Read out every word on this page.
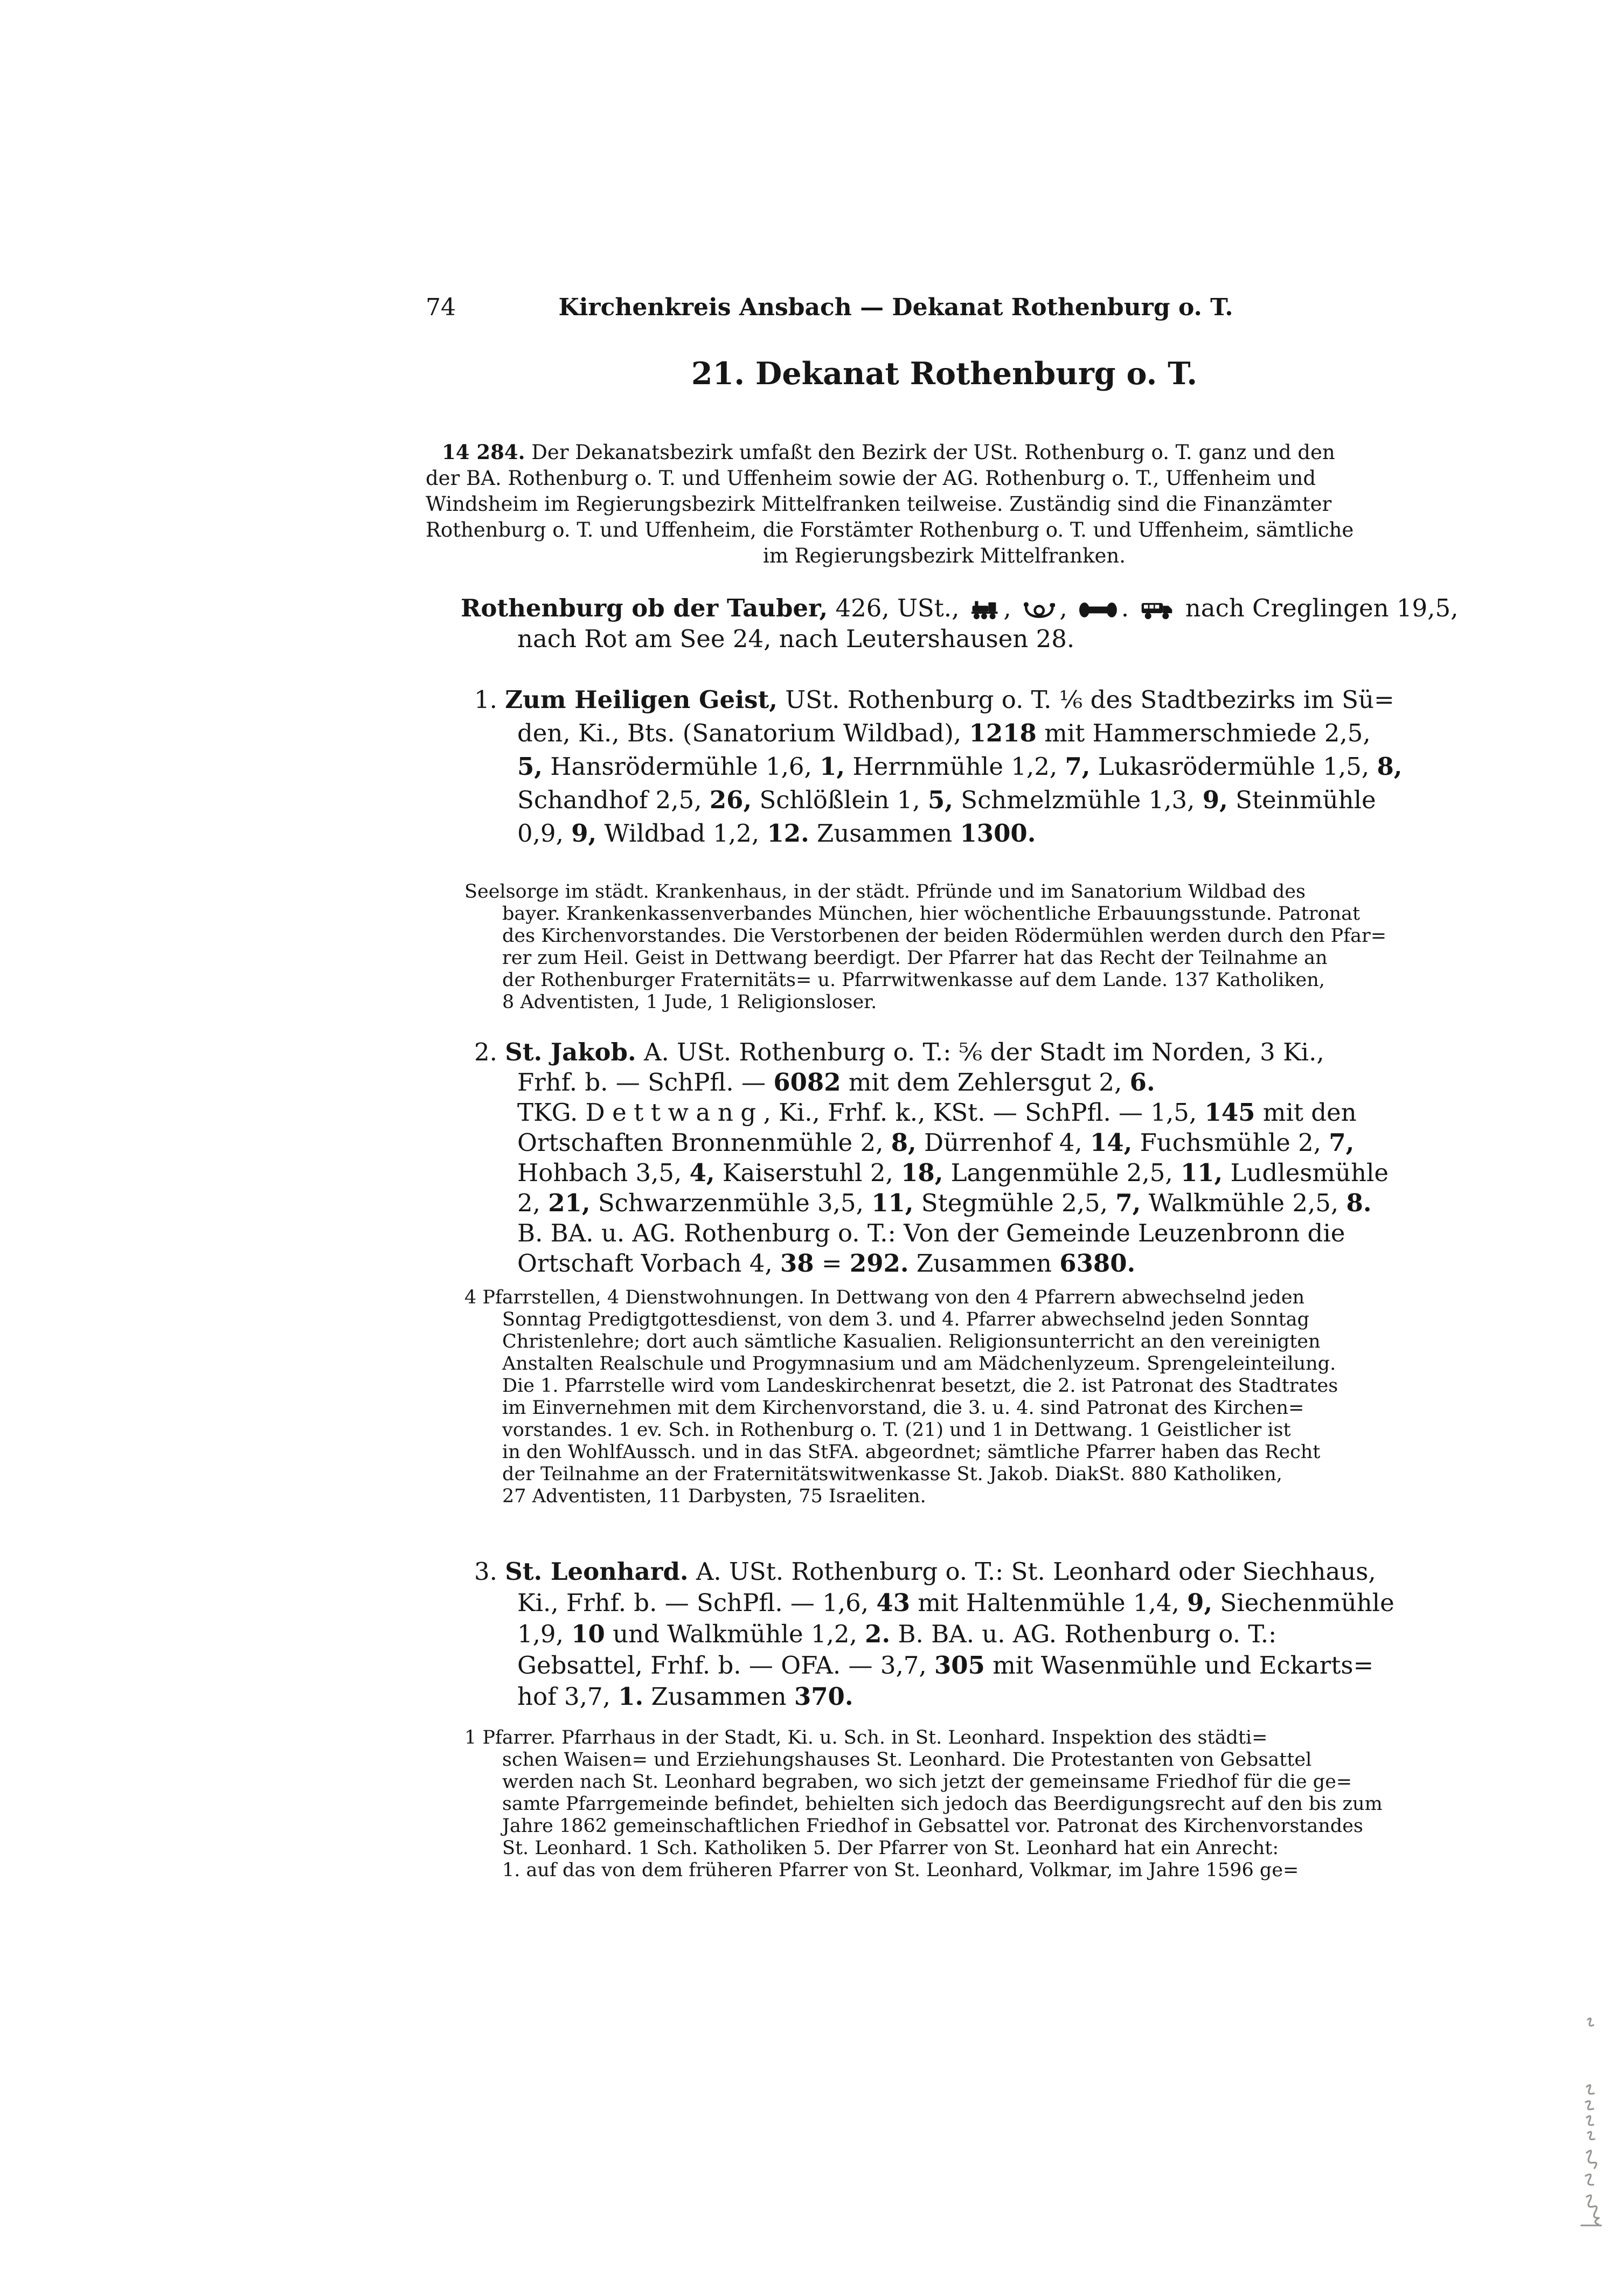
74	Kirchenkreis Ansbach — Dekanat Rothenburg o. T.
21. Dekanat Rothenburg o. T.
14 284. Der Dekanatsbezirk umfaßt den Bezirk der USt. Rothenburg o. T. ganz und den
der BA. Rothenburg o. T. und Uffenheim sowie der AG. Rothenburg o. T., Uffenheim und
Windsheim im Regierungsbezirk Mittelfranken teilweise. Zuständig sind die Finanzämter
Rothenburg o. T. und Uffenheim, die Forstämter Rothenburg o. T. und Uffenheim, sämtliche
im Regierungsbezirk Mittelfranken.
Rothenburg ob der Tauber, 426, USt.,
,
,
.
nach Creglingen 19,5,
nach Rot am See 24, nach Leutershausen 28.
1. Zum Heiligen Geist, USt. Rothenburg o. T. ⅙ des Stadtbezirks im Sü=
den, Ki., Bts. (Sanatorium Wildbad), 1218 mit Hammerschmiede 2,5,
5, Hansrödermühle 1,6, 1, Herrnmühle 1,2, 7, Lukasrödermühle 1,5, 8,
Schandhof 2,5, 26, Schlößlein 1, 5, Schmelzmühle 1,3, 9, Steinmühle
0,9, 9, Wildbad 1,2, 12. Zusammen 1300.
Seelsorge im städt. Krankenhaus, in der städt. Pfründe und im Sanatorium Wildbad des
bayer. Krankenkassenverbandes München, hier wöchentliche Erbauungsstunde. Patronat
des Kirchenvorstandes. Die Verstorbenen der beiden Rödermühlen werden durch den Pfar=
rer zum Heil. Geist in Dettwang beerdigt. Der Pfarrer hat das Recht der Teilnahme an
der Rothenburger Fraternitäts= u. Pfarrwitwenkasse auf dem Lande. 137 Katholiken,
8 Adventisten, 1 Jude, 1 Religionsloser.
2. St. Jakob. A. USt. Rothenburg o. T.: ⅚ der Stadt im Norden, 3 Ki.,
Frhf. b. — SchPfl. — 6082 mit dem Zehlersgut 2, 6.
TKG. Dettwang, Ki., Frhf. k., KSt. — SchPfl. — 1,5, 145 mit den
Ortschaften Bronnenmühle 2, 8, Dürrenhof 4, 14, Fuchsmühle 2, 7,
Hohbach 3,5, 4, Kaiserstuhl 2, 18, Langenmühle 2,5, 11, Ludlesmühle
2, 21, Schwarzenmühle 3,5, 11, Stegmühle 2,5, 7, Walkmühle 2,5, 8.
B. BA. u. AG. Rothenburg o. T.: Von der Gemeinde Leuzenbronn die
Ortschaft Vorbach 4, 38 = 292. Zusammen 6380.
4 Pfarrstellen, 4 Dienstwohnungen. In Dettwang von den 4 Pfarrern abwechselnd jeden
Sonntag Predigtgottesdienst, von dem 3. und 4. Pfarrer abwechselnd jeden Sonntag
Christenlehre; dort auch sämtliche Kasualien. Religionsunterricht an den vereinigten
Anstalten Realschule und Progymnasium und am Mädchenlyzeum. Sprengeleinteilung.
Die 1. Pfarrstelle wird vom Landeskirchenrat besetzt, die 2. ist Patronat des Stadtrates
im Einvernehmen mit dem Kirchenvorstand, die 3. u. 4. sind Patronat des Kirchen=
vorstandes. 1 ev. Sch. in Rothenburg o. T. (21) und 1 in Dettwang. 1 Geistlicher ist
in den WohlfAussch. und in das StFA. abgeordnet; sämtliche Pfarrer haben das Recht
der Teilnahme an der Fraternitätswitwenkasse St. Jakob. DiakSt. 880 Katholiken,
27 Adventisten, 11 Darbysten, 75 Israeliten.
3. St. Leonhard. A. USt. Rothenburg o. T.: St. Leonhard oder Siechhaus,
Ki., Frhf. b. — SchPfl. — 1,6, 43 mit Haltenmühle 1,4, 9, Siechenmühle
1,9, 10 und Walkmühle 1,2, 2. B. BA. u. AG. Rothenburg o. T.:
Gebsattel, Frhf. b. — OFA. — 3,7, 305 mit Wasenmühle und Eckarts=
hof 3,7, 1. Zusammen 370.
1 Pfarrer. Pfarrhaus in der Stadt, Ki. u. Sch. in St. Leonhard. Inspektion des städti=
schen Waisen= und Erziehungshauses St. Leonhard. Die Protestanten von Gebsattel
werden nach St. Leonhard begraben, wo sich jetzt der gemeinsame Friedhof für die ge=
samte Pfarrgemeinde befindet, behielten sich jedoch das Beerdigungsrecht auf den bis zum
Jahre 1862 gemeinschaftlichen Friedhof in Gebsattel vor. Patronat des Kirchenvorstandes
St. Leonhard. 1 Sch. Katholiken 5. Der Pfarrer von St. Leonhard hat ein Anrecht:
1. auf das von dem früheren Pfarrer von St. Leonhard, Volkmar, im Jahre 1596 ge=
